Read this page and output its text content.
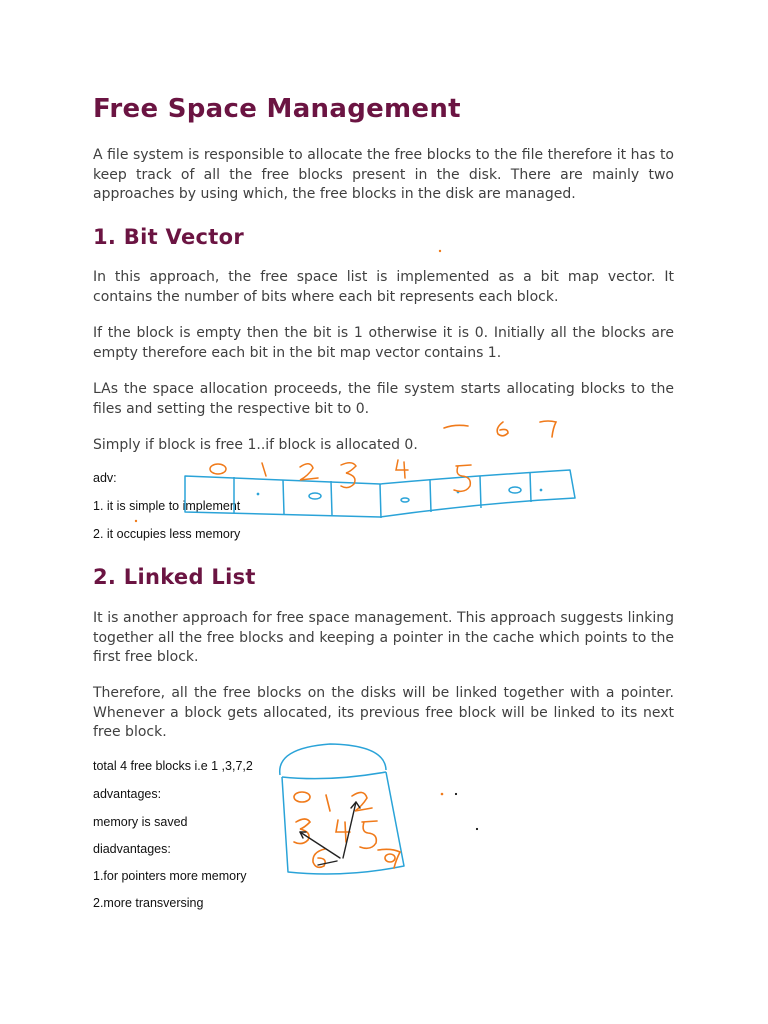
Free Space Management

A file system is responsible to allocate the free blocks to the file therefore it has to keep track of all the free blocks present in the disk. There are mainly two approaches by using which, the free blocks in the disk are managed.

1. Bit Vector

In this approach, the free space list is implemented as a bit map vector. It contains the number of bits where each bit represents each block.

If the block is empty then the bit is 1 otherwise it is 0. Initially all the blocks are empty therefore each bit in the bit map vector contains 1.

LAs the space allocation proceeds, the file system starts allocating blocks to the files and setting the respective bit to 0.

Simply if block is free 1..if block is allocated 0.

adv:

1. it is simple to implement

2. it occupies less memory

2. Linked List

It is another approach for free space management. This approach suggests linking together all the free blocks and keeping a pointer in the cache which points to the first free block.

Therefore, all the free blocks on the disks will be linked together with a pointer. Whenever a block gets allocated, its previous free block will be linked to its next free block.

total 4 free blocks i.e 1 ,3,7,2

advantages:

memory is saved

diadvantages:

1.for pointers more memory

2.more transversing
